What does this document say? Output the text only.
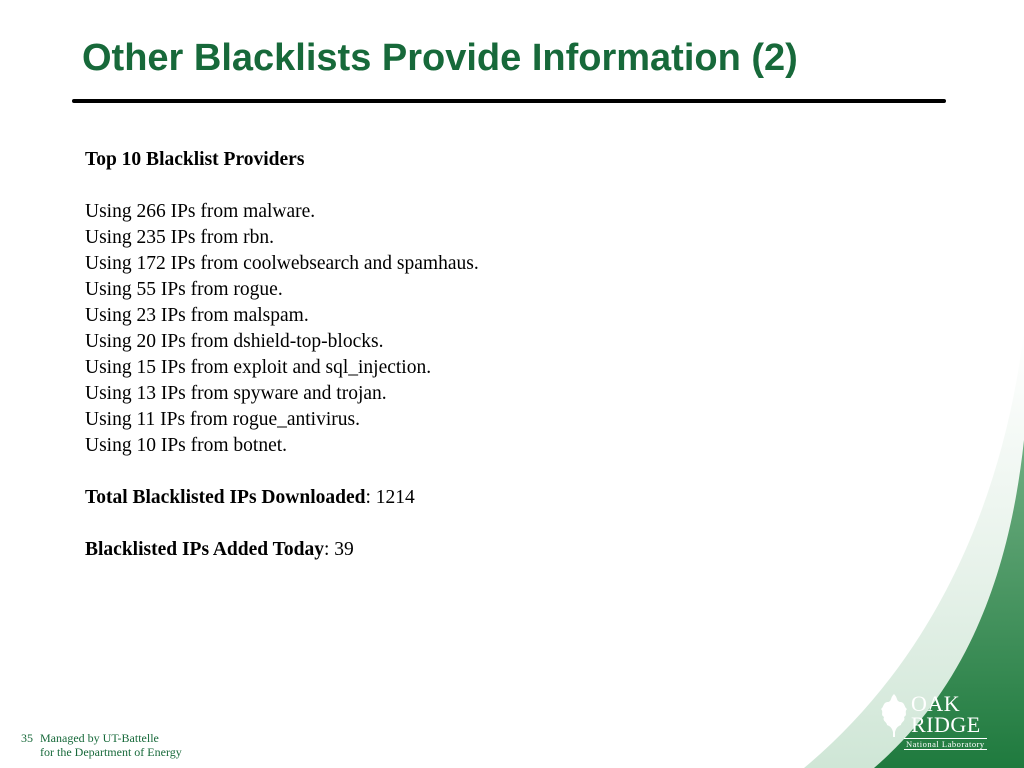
Other Blacklists Provide Information (2)
Top 10 Blacklist Providers
Using 266 IPs from malware.
Using 235 IPs from rbn.
Using 172 IPs from coolwebsearch and spamhaus.
Using 55 IPs from rogue.
Using 23 IPs from malspam.
Using 20 IPs from dshield-top-blocks.
Using 15 IPs from exploit and sql_injection.
Using 13 IPs from spyware and trojan.
Using 11 IPs from rogue_antivirus.
Using 10 IPs from botnet.
Total Blacklisted IPs Downloaded: 1214
Blacklisted IPs Added Today: 39
35 Managed by UT-Battelle
for the Department of Energy
OAK
RIDGE
National Laboratory
